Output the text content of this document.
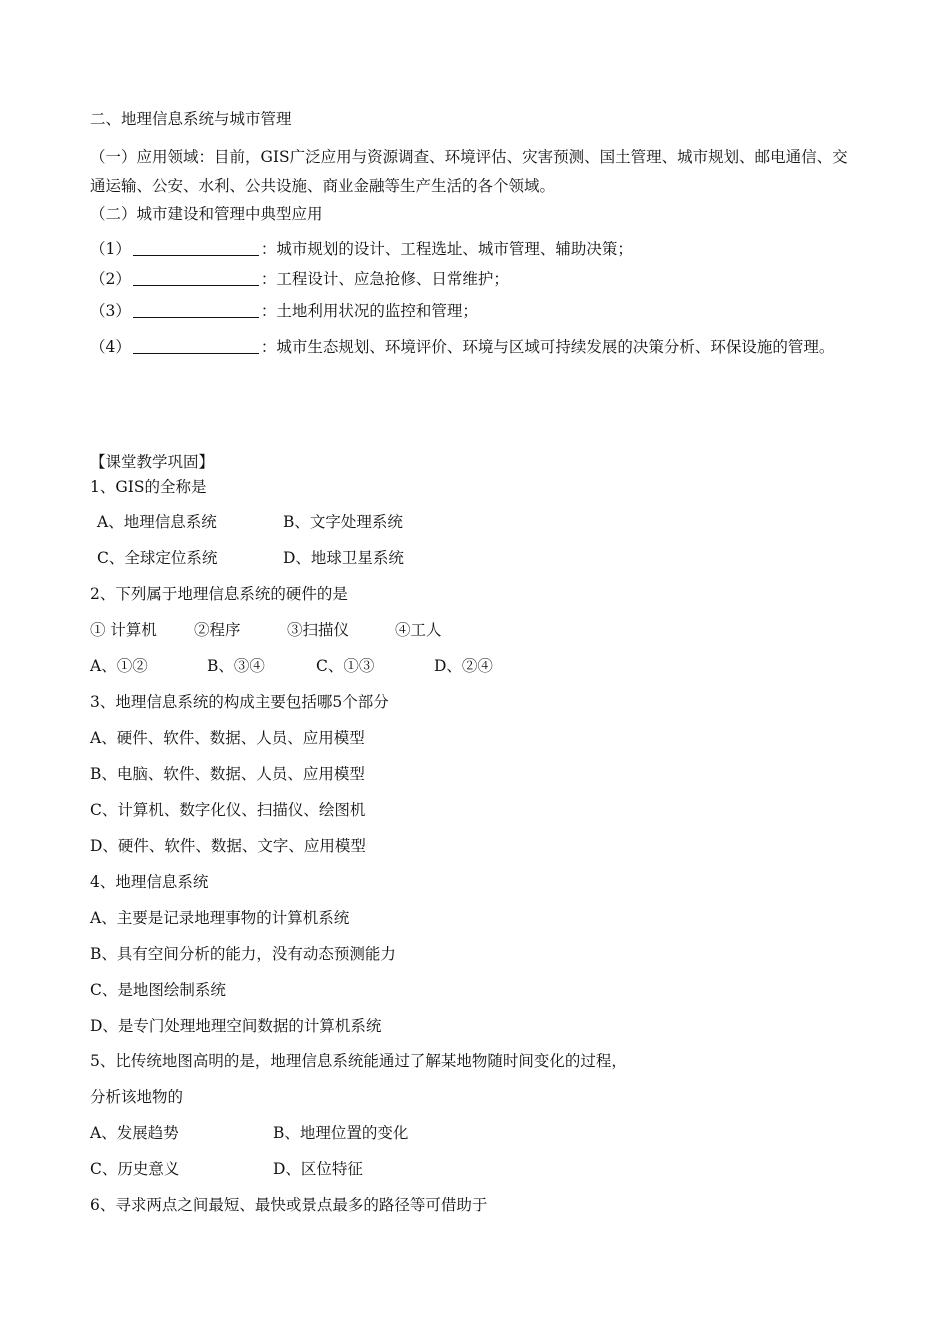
二、地理信息系统与城市管理
（一）应用领域：目前，GIS广泛应用与资源调查、环境评估、灾害预测、国土管理、城市规划、邮电通信、交通运输、公安、水利、公共设施、商业金融等生产生活的各个领域。
（二）城市建设和管理中典型应用
（1）	：城市规划的设计、工程选址、城市管理、辅助决策；
（2）	：工程设计、应急抢修、日常维护；
（3）	：土地利用状况的监控和管理；
（4）	：城市生态规划、环境评价、环境与区域可持续发展的决策分析、环保设施的管理。
【课堂教学巩固】
1、GIS的全称是
A、地理信息系统	B、文字处理系统
C、全球定位系统	D、地球卫星系统
2、下列属于地理信息系统的硬件的是
① 计算机 ②程序	③扫描仪	④工人
A、①②	B、③④	C、①③	D、②④
3、地理信息系统的构成主要包括哪5个部分
A、硬件、软件、数据、人员、应用模型
B、电脑、软件、数据、人员、应用模型
C、计算机、数字化仪、扫描仪、绘图机
D、硬件、软件、数据、文字、应用模型
4、地理信息系统
A、主要是记录地理事物的计算机系统
B、具有空间分析的能力，没有动态预测能力
C、是地图绘制系统
D、是专门处理地理空间数据的计算机系统
5、比传统地图高明的是，地理信息系统能通过了解某地物随时间变化的过程，
分析该地物的
A、发展趋势	B、地理位置的变化
C、历史意义	D、区位特征
6、寻求两点之间最短、最快或景点最多的路径等可借助于
